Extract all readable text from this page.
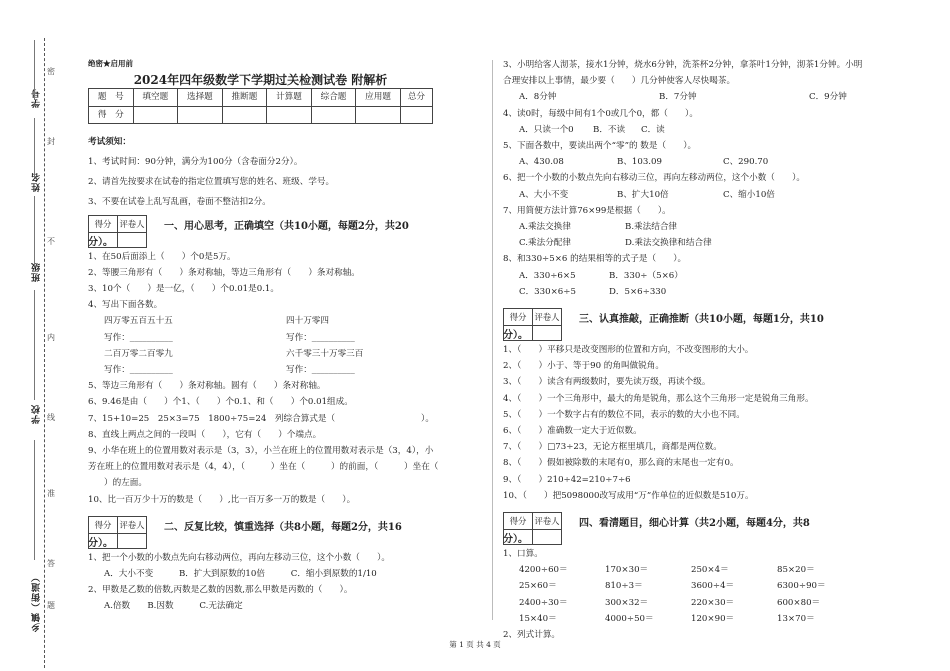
学号
姓名
班级
学校
乡镇（街道）
密
封
不
内
线
准
答
题

绝密★启用前

2024年四年级数学下学期过关检测试卷 附解析

题　号	填空题	选择题	推断题	计算题	综合题	应用题	总分
得　分							

考试须知：

1、考试时间：90分钟，满分为100分（含卷面分2分）。

2、请首先按要求在试卷的指定位置填写您的姓名、班级、学号。

3、不要在试卷上乱写乱画，卷面不整洁扣2分。

得分	评卷人
	一、用心思考，正确填空（共10小题，每题2分，共20
分）。

1、在50后面添上（　　）个0是5万。

2、等腰三角形有（　　）条对称轴，等边三角形有（　　）条对称轴。

3、10个（　　）是一亿，（　　）个0.01是0.1。

4、写出下面各数。

四万零五百五十五	四十万零四

写作：__________	写作：__________

二百万零二百零九	六千零三十万零三百

写作：__________	写作：__________

5、等边三角形有（　　）条对称轴。圆有（　　）条对称轴。

6、9.46是由（　　）个1、（　　）个0.1、和（　　）个0.01组成。

7、15+10=25　25×3=75　1800÷75=24　列综合算式是（　　　　　　　　　　）。

8、直线上两点之间的一段叫（　　），它有（　　）个端点。

9、小华在班上的位置用数对表示是（3，3），小兰在班上的位置用数对表示是（3，4），小

芳在班上的位置用数对表示是（4，4），（　　　）坐在（　　　）的前面，（　　　）坐在（　　

）的左面。

10、比一百万少十万的数是（　　）,比一百万多一万的数是（　　）。

得分	评卷人
	二、反复比较，慎重选择（共8小题，每题2分，共16
分）。

1、把一个小数的小数点先向右移动两位，再向左移动三位，这个小数（　　）。

A．大小不变　　　B．扩大到原数的10倍　　　C．缩小到原数的1/10

2、甲数是乙数的倍数,丙数是乙数的因数,那么甲数是丙数的（　　）。

A.倍数　　B.因数　　　C.无法确定

3、小明给客人沏茶，接水1分钟，烧水6分钟，洗茶杯2分钟，拿茶叶1分钟，沏茶1分钟。小明

合理安排以上事情，最少要（　　）几分钟使客人尽快喝茶。

A．8分钟	B．7分钟	C．9分钟

4、读0时，每级中间有1个0或几个0，都（　　）。

A．只读一个0 B．不读 C．读

5、下面各数中，要读出两个“零”的 数是（　　）。

A、430.08	B、103.09	C、290.70

6、把一个小数的小数点先向右移动三位，再向左移动两位，这个小数（　　）。

A、大小不变	B、扩大10倍	C、缩小10倍

7、用简便方法计算76×99是根据（　　）。

A.乘法交换律	B.乘法结合律

C.乘法分配律	D.乘法交换律和结合律

8、和330÷5×6 的结果相等的式子是（　　）。

A．330÷6×5	B．330÷（5×6）

C．330×6÷5	D．5×6÷330

得分	评卷人
	三、认真推敲，正确推断（共10小题，每题1分，共10
分）。

1、（　　）平移只是改变图形的位置和方向，不改变图形的大小。

2、（　　）小于、等于90 的角叫做锐角。

3、（　　）读含有两级数时，要先读万级，再读个级。

4、（　　）一个三角形中，最大的角是锐角，那么这个三角形一定是锐角三角形。

5、（　　）一个数字占有的数位不同，表示的数的大小也不同。

6、（　　）准确数一定大于近似数。

7、（　　）□73÷23，无论方框里填几，商都是两位数。

8、（　　）假如被除数的末尾有0，那么商的末尾也一定有0。

9、（　　）210÷42=210÷7÷6

10、（　　）把5098000改写成用“万”作单位的近似数是510万。

得分	评卷人
	四、看清题目，细心计算（共2小题，每题4分，共8
分）。

1、口算。

4200÷60＝	170×30＝	250×4＝	85×20＝

25×60＝	810÷3＝	3600÷4＝	6300÷90＝

2400÷30＝	300×32＝	220×30＝	600×80＝

15×40＝	4000÷50＝	120×90＝	13×70＝

2、列式计算。

第 1 页 共 4 页
